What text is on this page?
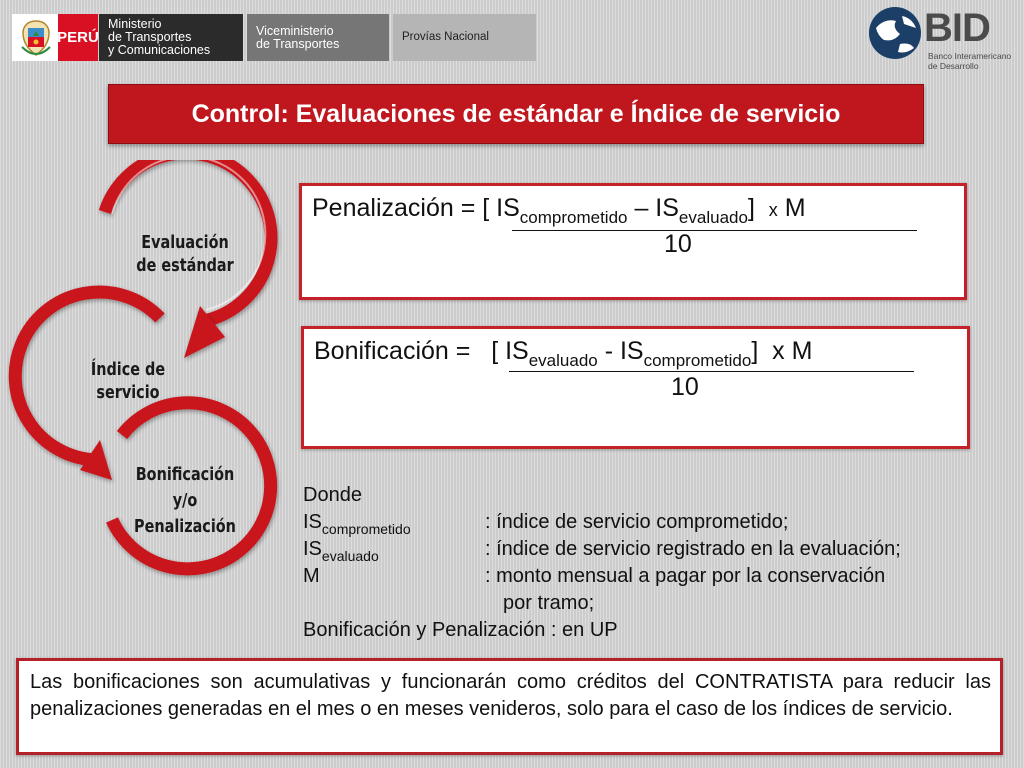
PERÚ
Ministerio
de Transportes
y Comunicaciones
Viceministerio
de Transportes	Provías Nacional	BID
Banco Interamericano
de Desarrollo
Control: Evaluaciones de estándar e Índice de servicio
Evaluación
de estándar
Índice de
servicio
Bonificación
y/o
Penalización
Penalización = [ $IS_{comprometido} - IS_{evaluado}$] x M
10
Bonificación = [ $IS_{evaluado} - IS_{comprometido}$] x M
10
Donde
$IS_{comprometido}$	: índice de servicio comprometido;
$IS_{evaluado}$	: índice de servicio registrado en la evaluación;
M	: monto mensual a pagar por la conservación
por tramo;
Bonificación y Penalización : en UP
Las bonificaciones son acumulativas y funcionarán como créditos del CONTRATISTA para reducir las penalizaciones generadas en el mes o en meses venideros, solo para el caso de los índices de servicio.
